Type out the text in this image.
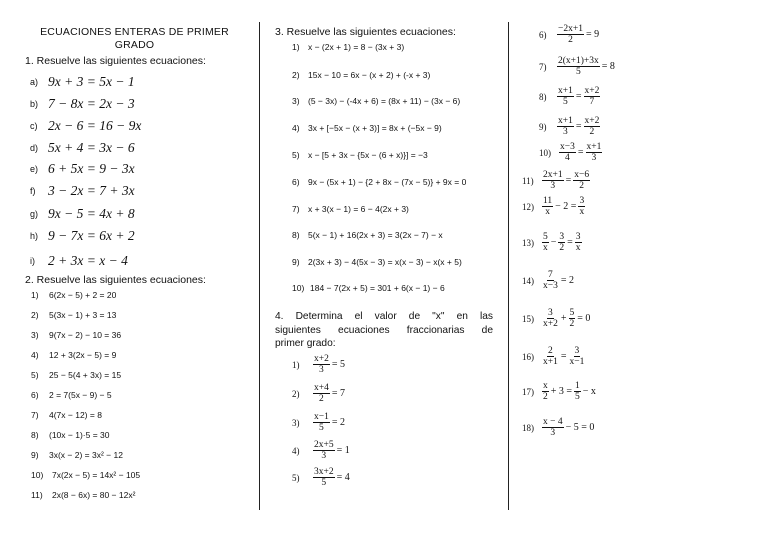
ECUACIONES ENTERAS DE PRIMER
GRADO
1. Resuelve las siguientes ecuaciones:
a) 9x + 3 = 5x − 1
b) 7 − 8x = 2x − 3
c) 2x − 6 = 16 − 9x
d) 5x + 4 = 3x − 6
e) 6 + 5x = 9 − 3x
f) 3 − 2x = 7 + 3x
g) 9x − 5 = 4x + 8
h) 9 − 7x = 6x + 2
i) 2 + 3x = x − 4
2. Resuelve las siguientes ecuaciones:
1)	6(2x − 5) + 2 = 20
2)	5(3x − 1) + 3 = 13
3)	9(7x − 2) − 10 = 36
4)	12 + 3(2x − 5) = 9
5)	25 − 5(4 + 3x) = 15
6)	2 = 7(5x − 9) − 5
7)	4(7x − 12) = 8
8)	(10x − 1)·5 = 30
9)	3x(x − 2) = 3x² − 12
10)	7x(2x − 5) = 14x² − 105
11)	2x(8 − 6x) = 80 − 12x²
3. Resuelve las siguientes ecuaciones:
1) x − (2x + 1) = 8 − (3x + 3)
2) 15x − 10 = 6x − (x + 2) + (-x + 3)
3) (5 − 3x) − (-4x + 6) = (8x + 11) − (3x − 6)
4) 3x + [−5x − (x + 3)] = 8x + (−5x − 9)
5) x − [5 + 3x − {5x − (6 + x)}] = −3
6) 9x − (5x + 1) − {2 + 8x − (7x − 5)} + 9x = 0
7) x + 3(x − 1) = 6 − 4(2x + 3)
8) 5(x − 1) + 16(2x + 3) = 3(2x − 7) − x
9) 2(3x + 3) − 4(5x − 3) = x(x − 3) − x(x + 5)
10) 184 − 7(2x + 5) = 301 + 6(x − 1) − 6
4. Determina el valor de "x" en las
siguientes ecuaciones fraccionarias de
primer grado:
1)	$\frac{x+2}{3} = 5$
2)	$\frac{x+4}{2} = 7$
3)	$\frac{x-1}{5} = 2$
4)	$\frac{2x+5}{3} = 1$
5)	$\frac{3x+2}{5} = 4$
6)	$\frac{-2x+1}{2} = 9$
7)	$\frac{2(x+1)+3x}{5} = 8$
8)	$\frac{x+1}{5} = \frac{x+2}{7}$
9)	$\frac{x+1}{3} = \frac{x+2}{2}$
$10) \frac{x-3}{4} = \frac{x+1}{3}$
$11) \frac{2x+1}{3} = \frac{x-6}{2}$
$12) \frac{11}{x} - 2 = \frac{3}{x}$
$13) \frac{5}{x} - \frac{3}{2} = \frac{3}{x}$
$14) \frac{7}{x-3} = 2$
$15) \frac{3}{x+2} + \frac{5}{2} = 0$
$16) \frac{2}{x+1} = \frac{3}{x-1}$
$17) \frac{x}{2} + 3 = \frac{1}{5} - x$
$18) \frac{x - 4}{3} - 5 = 0$
